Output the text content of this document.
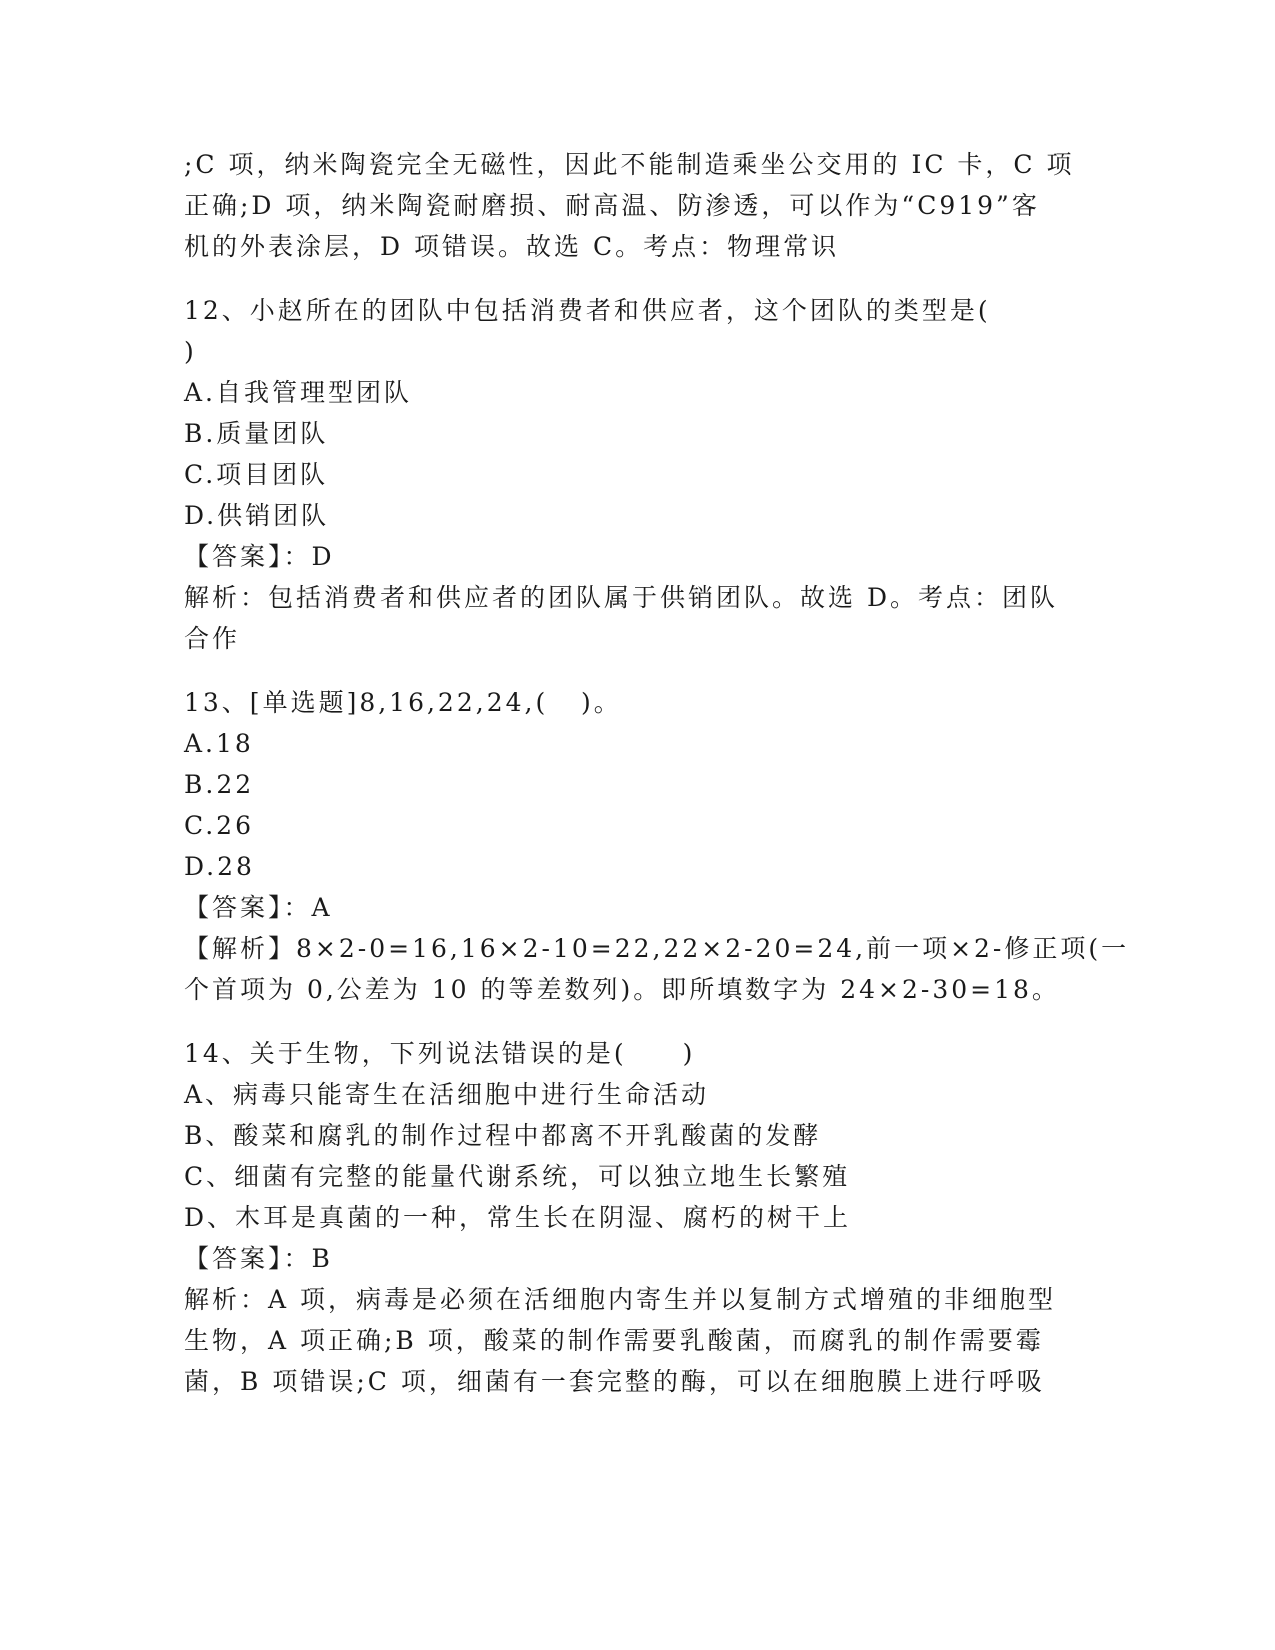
;C 项，纳米陶瓷完全无磁性，因此不能制造乘坐公交用的 IC 卡，C 项
正确;D 项，纳米陶瓷耐磨损、耐高温、防渗透，可以作为“C919”客
机的外表涂层，D 项错误。故选 C。考点：物理常识
12、小赵所在的团队中包括消费者和供应者，这个团队的类型是(
)
A.自我管理型团队
B.质量团队
C.项目团队
D.供销团队
【答案】：D
解析：包括消费者和供应者的团队属于供销团队。故选 D。考点：团队
合作
13、[单选题]8,16,22,24,(   )。
A.18
B.22
C.26
D.28
【答案】：A
【解析】8×2-0=16,16×2-10=22,22×2-20=24,前一项×2-修正项(一
个首项为 0,公差为 10 的等差数列)。即所填数字为 24×2-30=18。
14、关于生物，下列说法错误的是(　　)
A、病毒只能寄生在活细胞中进行生命活动
B、酸菜和腐乳的制作过程中都离不开乳酸菌的发酵
C、细菌有完整的能量代谢系统，可以独立地生长繁殖
D、木耳是真菌的一种，常生长在阴湿、腐朽的树干上
【答案】：B
解析：A 项，病毒是必须在活细胞内寄生并以复制方式增殖的非细胞型
生物，A 项正确;B 项，酸菜的制作需要乳酸菌，而腐乳的制作需要霉
菌，B 项错误;C 项，细菌有一套完整的酶，可以在细胞膜上进行呼吸
